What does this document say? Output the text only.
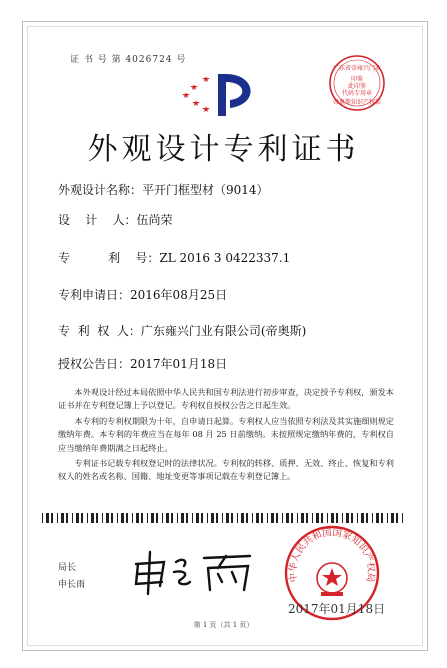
证 书 号 第 4026724 号
广东省帝雍兴门业
印鉴
此印鉴
代码专用章
帝奥斯知识产权部
外观设计专利证书
外观设计名称：平开门框型材（9014）
设    计    人：伍尚荣
专          利    号：ZL 2016 3 0422337.1
专利申请日：2016年08月25日
专  利  权  人：广东雍兴门业有限公司(帝奥斯)
授权公告日：2017年01月18日

本外观设计经过本局依照中华人民共和国专利法进行初步审查，决定授予专利权，颁发本证书并在专利登记簿上予以登记。专利权自授权公告之日起生效。

本专利的专利权期限为十年，自申请日起算。专利权人应当依照专利法及其实施细则规定缴纳年费。本专利的年费应当在每年 08 月 25 日前缴纳。未按照规定缴纳年费的，专利权自应当缴纳年费期满之日起终止。

专利证书记载专利权登记时的法律状况。专利权的转移、质押、无效、终止、恢复和专利权人的姓名或名称、国籍、地址变更等事项记载在专利登记簿上。

局长
申长雨
中华人民共和国国家知识产权局
2017年01月18日
第 1 页（共 1 页）
